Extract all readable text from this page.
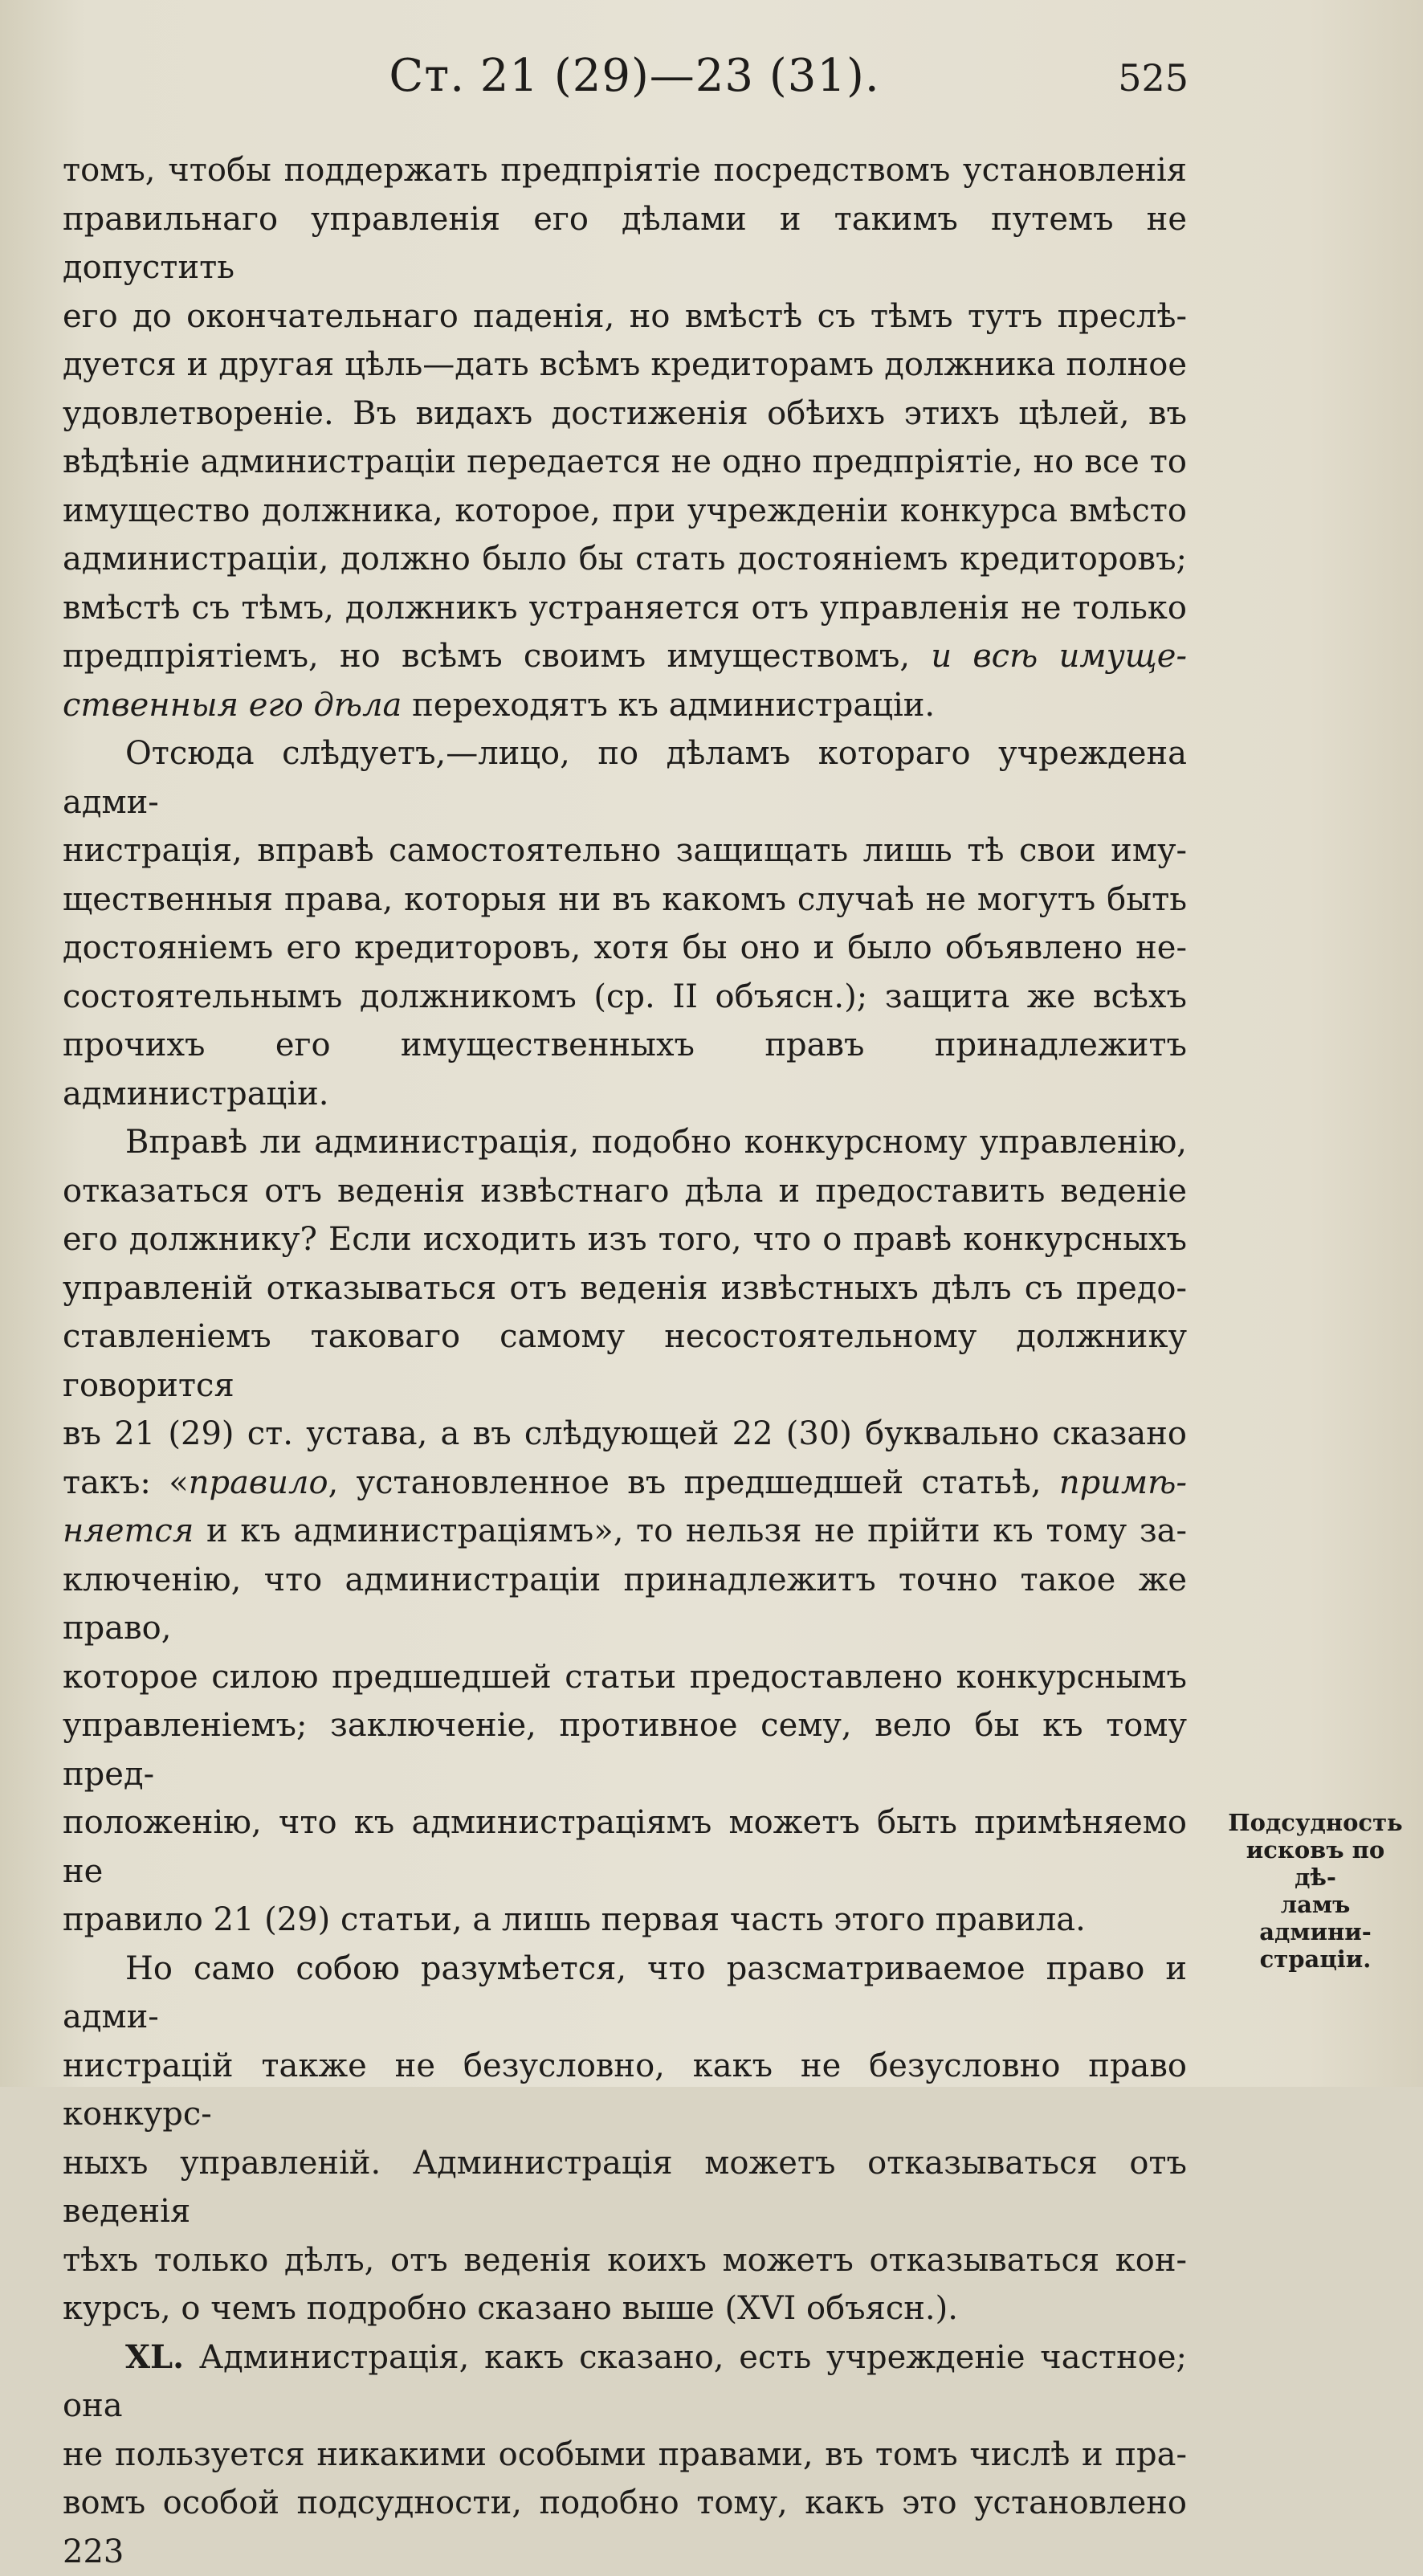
Ст. 21 (29)—23 (31).	525

томъ, чтобы поддержать предпріятіе посредствомъ установленія
правильнаго управленія его дѣлами и такимъ путемъ не допустить
его до окончательнаго паденія, но вмѣстѣ съ тѣмъ тутъ преслѣ-
дуется и другая цѣль—дать всѣмъ кредиторамъ должника полное
удовлетвореніе. Въ видахъ достиженія обѣихъ этихъ цѣлей, въ
вѣдѣніе администраціи передается не одно предпріятіе, но все то
имущество должника, которое, при учрежденіи конкурса вмѣсто
администраціи, должно было бы стать достояніемъ кредиторовъ;
вмѣстѣ съ тѣмъ, должникъ устраняется отъ управленія не только
предпріятіемъ, но всѣмъ своимъ имуществомъ, и всѣ имуще-
ственныя его дѣла переходятъ къ администраціи.

Отсюда слѣдуетъ,—лицо, по дѣламъ котораго учреждена адми-
нистрація, вправѣ самостоятельно защищать лишь тѣ свои иму-
щественныя права, которыя ни въ какомъ случаѣ не могутъ быть
достояніемъ его кредиторовъ, хотя бы оно и было объявлено не-
состоятельнымъ должникомъ (ср. II объясн.); защита же всѣхъ
прочихъ его имущественныхъ правъ принадлежитъ администраціи.

Вправѣ ли администрація, подобно конкурсному управленію,
отказаться отъ веденія извѣстнаго дѣла и предоставить веденіе
его должнику? Если исходить изъ того, что о правѣ конкурсныхъ
управленій отказываться отъ веденія извѣстныхъ дѣлъ съ предо-
ставленіемъ таковаго самому несостоятельному должнику говорится
въ 21 (29) ст. устава, а въ слѣдующей 22 (30) буквально сказано
такъ: «правило, установленное въ предшедшей статьѣ, примѣ-
няется и къ администраціямъ», то нельзя не прійти къ тому за-
ключенію, что администраціи принадлежитъ точно такое же право,
которое силою предшедшей статьи предоставлено конкурснымъ
управленіемъ; заключеніе, противное сему, вело бы къ тому пред-
положенію, что къ администраціямъ можетъ быть примѣняемо не
правило 21 (29) статьи, а лишь первая часть этого правила.

Но само собою разумѣется, что разсматриваемое право и адми-
нистрацій также не безусловно, какъ не безусловно право конкурс-
ныхъ управленій. Администрація можетъ отказываться отъ веденія
тѣхъ только дѣлъ, отъ веденія коихъ можетъ отказываться кон-
курсъ, о чемъ подробно сказано выше (XVI объясн.).

XL. Администрація, какъ сказано, есть учрежденіе частное; она
не пользуется никакими особыми правами, въ томъ числѣ и пра-
вомъ особой подсудности, подобно тому, какъ это установлено 223

Подсудность
исковъ по дѣ-
ламъ админи-
страціи.
